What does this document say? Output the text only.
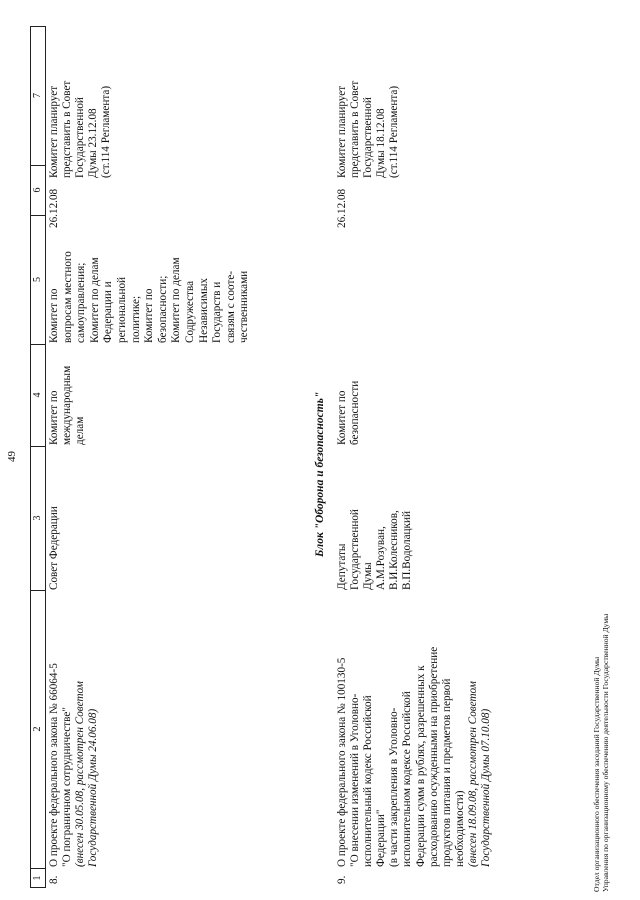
49
1
2
3
4
5
6
7
8.
О проекте федерального закона № 66064-5 "О пограничном сотрудничестве" (внесен 30.05.08, рассмотрен Советом Государственной Думы 24.06.08)
Совет Федерации
Комитет по международным делам
Комитет по вопросам местного самоуправления; Комитет по делам Федерации и региональной политике; Комитет по безопасности; Комитет по делам Содружества Независимых Государств и связям с сооте- чественниками
26.12.08
Комитет планирует представить в Совет Государственной Думы 23.12.08 (ст.114 Регламента)
Блок "Оборона и безопасность"
9.
О проекте федерального закона № 100130-5 "О внесении изменений в Уголовно- исполнительный кодекс Российской Федерации" (в части закрепления в Уголовно- исполнительном кодексе Российской Федерации сумм в рублях, разрешенных к расходованию осужденными на приобретение продуктов питания и предметов первой необходимости) (внесен 18.09.08, рассмотрен Советом Государственной Думы 07.10.08)
Депутаты Государственной Думы А.М.Розуван, В.И.Колесников, В.П.Водолацкий
Комитет по безопасности
26.12.08
Комитет планирует представить в Совет Государственной Думы 18.12.08 (ст.114 Регламента)
Отдел организационного обеспечения заседаний Государственной Думы Управления по организационному обеспечению деятельности Государственной Думы
